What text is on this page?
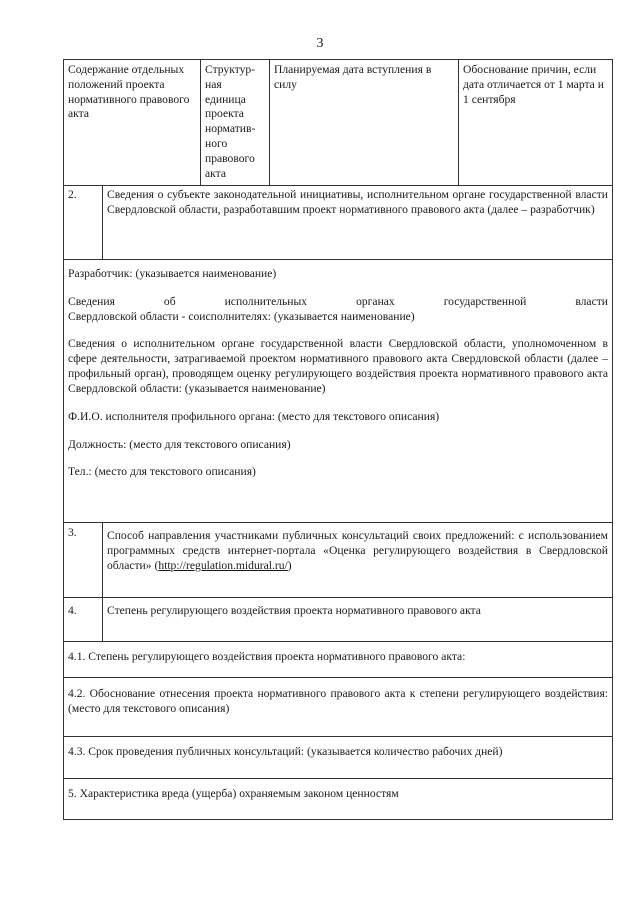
3
Содержание отдельных положений проекта нормативного правового акта	Структур-ная единица проекта норматив-ного правового акта	Планируемая дата вступления в силу	Обоснование причин, если дата отличается от 1 марта и 1 сентября
2.	Сведения о субъекте законодательной инициативы, исполнительном органе государственной власти Свердловской области, разработавшим проект нормативного правового акта (далее – разработчик)
Разработчик: (указывается наименование)
Сведения об исполнительных органах государственной власти
Свердловской области - соисполнителях: (указывается наименование)
Сведения о исполнительном органе государственной власти Свердловской области, уполномоченном в сфере деятельности, затрагиваемой проектом нормативного правового акта Свердловской области (далее – профильный орган), проводящем оценку регулирующего воздействия проекта нормативного правового акта Свердловской области: (указывается наименование)
Ф.И.О. исполнителя профильного органа: (место для текстового описания)
Должность: (место для текстового описания)
Тел.: (место для текстового описания)
3.	Способ направления участниками публичных консультаций своих предложений: с использованием программных средств интернет-портала «Оценка регулирующего воздействия в Свердловской области» (http://regulation.midural.ru/)
4.	Степень регулирующего воздействия проекта нормативного правового акта
4.1. Степень регулирующего воздействия проекта нормативного правового акта:
4.2. Обоснование отнесения проекта нормативного правового акта к степени регулирующего воздействия: (место для текстового описания)
4.3. Срок проведения публичных консультаций: (указывается количество рабочих дней)
5. Характеристика вреда (ущерба) охраняемым законом ценностям
